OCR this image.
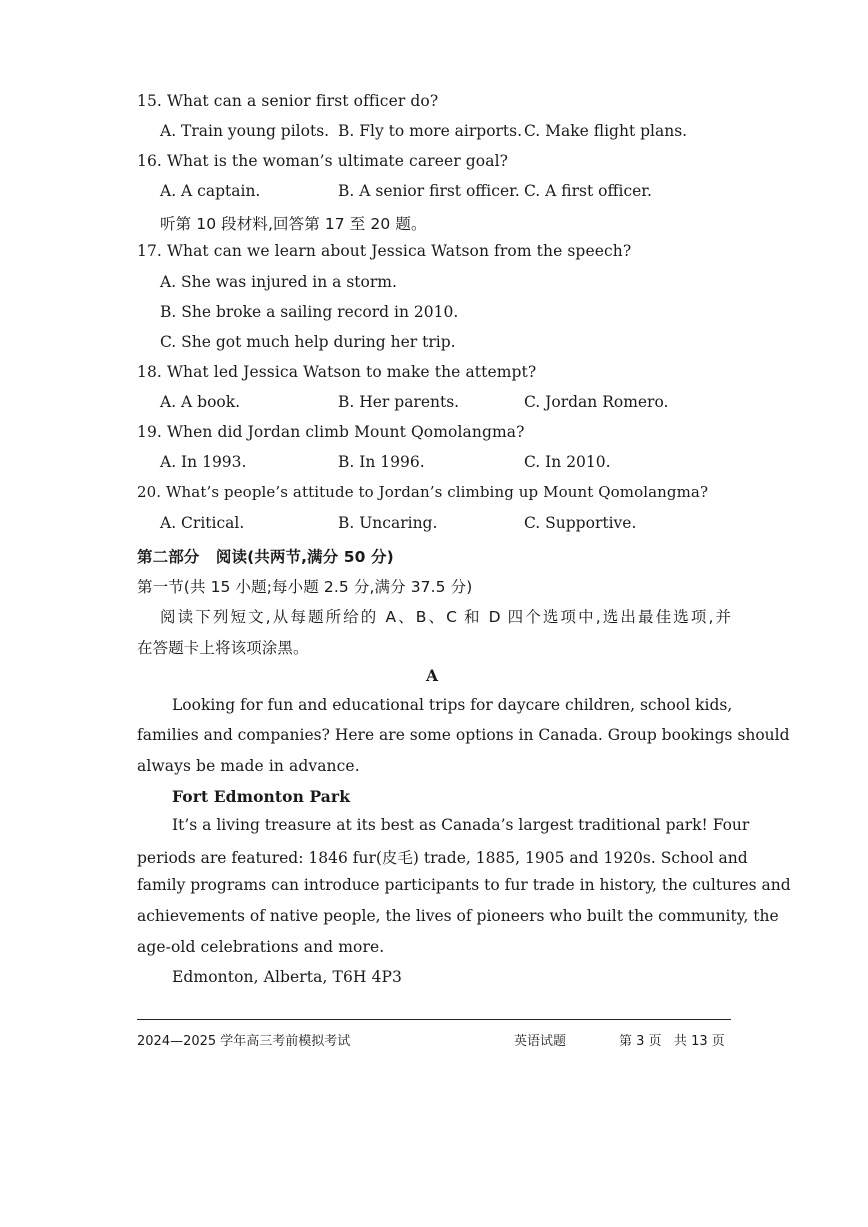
15. What can a senior first officer do?
A. Train young pilots. B. Fly to more airports. C. Make flight plans.
16. What is the woman’s ultimate career goal?
A. A captain.	B. A senior first officer. C. A first officer.
听第 10 段材料,回答第 17 至 20 题。
17. What can we learn about Jessica Watson from the speech?
A. She was injured in a storm.
B. She broke a sailing record in 2010.
C. She got much help during her trip.
18. What led Jessica Watson to make the attempt?
A. A book.	B. Her parents.	C. Jordan Romero.
19. When did Jordan climb Mount Qomolangma?
A. In 1993.	B. In 1996.	C. In 2010.
20. What’s people’s attitude to Jordan’s climbing up Mount Qomolangma?
A. Critical.	B. Uncaring.	C. Supportive.
第二部分   阅读(共两节,满分 50 分)
第一节(共 15 小题;每小题 2.5 分,满分 37.5 分)
阅读下列短文,从每题所给的 A、B、C 和 D 四个选项中,选出最佳选项,并
在答题卡上将该项涂黑。
A
Looking for fun and educational trips for daycare children, school kids,
families and companies? Here are some options in Canada. Group bookings should
always be made in advance.
Fort Edmonton Park
It’s a living treasure at its best as Canada’s largest traditional park! Four
periods are featured: 1846 fur(皮毛) trade, 1885, 1905 and 1920s. School and
family programs can introduce participants to fur trade in history, the cultures and
achievements of native people, the lives of pioneers who built the community, the
age-old celebrations and more.
Edmonton, Alberta, T6H 4P3
2024—2025 学年高三考前模拟考试	英语试题	第 3 页   共 13 页
